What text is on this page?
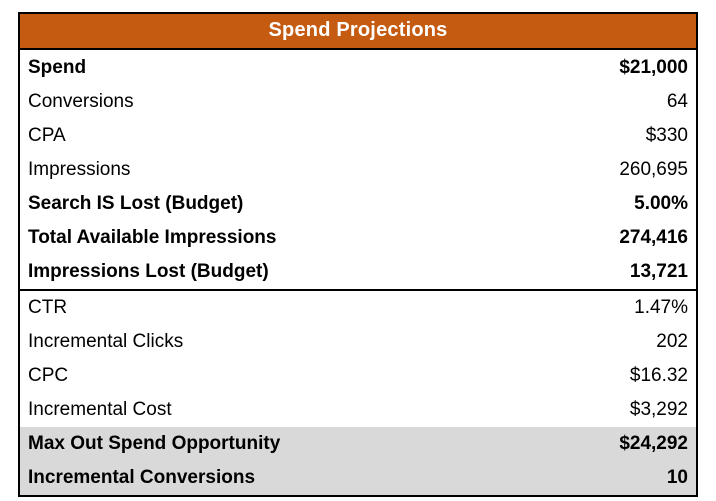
Spend Projections
Spend	$21,000
Conversions	64
CPA	$330
Impressions	260,695
Search IS Lost (Budget)	5.00%
Total Available Impressions	274,416
Impressions Lost (Budget)	13,721
CTR	1.47%
Incremental Clicks	202
CPC	$16.32
Incremental Cost	$3,292
Max Out Spend Opportunity	$24,292
Incremental Conversions	10
